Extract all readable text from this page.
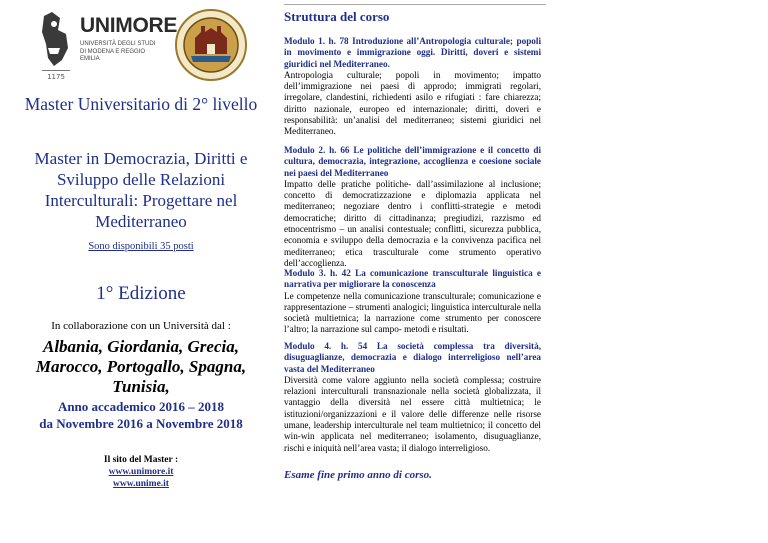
1175
UNIMORE
UNIVERSITÀ DEGLI STUDI DI MODENA E REGGIO EMILIA
Master Universitario di 2° livello
Master in Democrazia, Diritti e Sviluppo delle Relazioni Interculturali: Progettare nel Mediterraneo
Sono disponibili 35 posti
1° Edizione
In collaborazione con un Università dal :
Albania, Giordania, Grecia, Marocco, Portogallo, Spagna, Tunisia,
Anno accademico 2016 – 2018
da Novembre 2016 a Novembre 2018
Il sito del Master :
www.unimore.it
www.unime.it
Struttura del corso
Modulo 1. h. 78 Introduzione all’Antropologia culturale; popoli in movimento e immigrazione oggi. Diritti, doveri e sistemi giuridici nel Mediterraneo.
Antropologia culturale; popoli in movimento; impatto dell’immigrazione nei paesi di approdo; immigrati regolari, irregolare, clandestini, richiedenti asilo e rifugiati : fare chiarezza; diritto nazionale, europeo ed internazionale; diritti, doveri e responsabilità: un’analisi del mediterraneo; sistemi giuridici nel Mediterraneo.
Modulo 2. h. 66 Le politiche dell’immigrazione e il concetto di cultura, democrazia, integrazione, accoglienza e coesione sociale nei paesi del Mediterraneo
Impatto delle pratiche politiche- dall’assimilazione al inclusione; concetto di democratizzazione e diplomazia applicata nel mediterraneo; negoziare dentro i conflitti-strategie e metodi democratiche; diritto di cittadinanza; pregiudizi, razzismo ed etnocentrismo – un analisi contestuale; conflitti, sicurezza pubblica, economia e sviluppo della democrazia e la convivenza pacifica nel mediterraneo; etica trasculturale come strumento operativo dell’accoglienza.
Modulo 3. h. 42 La comunicazione transculturale linguistica e narrativa per migliorare la conoscenza
Le competenze nella comunicazione transculturale; comunicazione e rappresentazione – strumenti analogici; linguistica interculturale nella società multietnica; la narrazione come strumento per conoscere l’altro; la narrazione sul campo- metodi e risultati.
Modulo 4. h. 54 La società complessa tra diversità, disuguaglianze, democrazia e dialogo interreligioso nell’area vasta del Mediterraneo
Diversità come valore aggiunto nella società complessa; costruire relazioni interculturali transnazionale nella società globalizzata, il vantaggio della diversità nel essere città multietnica; le istituzioni/organizzazioni e il valore delle differenze nelle risorse umane, leadership interculturale nel team multietnico; il concetto del win-win applicata nel mediterraneo; isolamento, disuguaglianze, rischi e iniquità nell’area vasta; il dialogo interreligioso.
Esame fine primo anno di corso.
